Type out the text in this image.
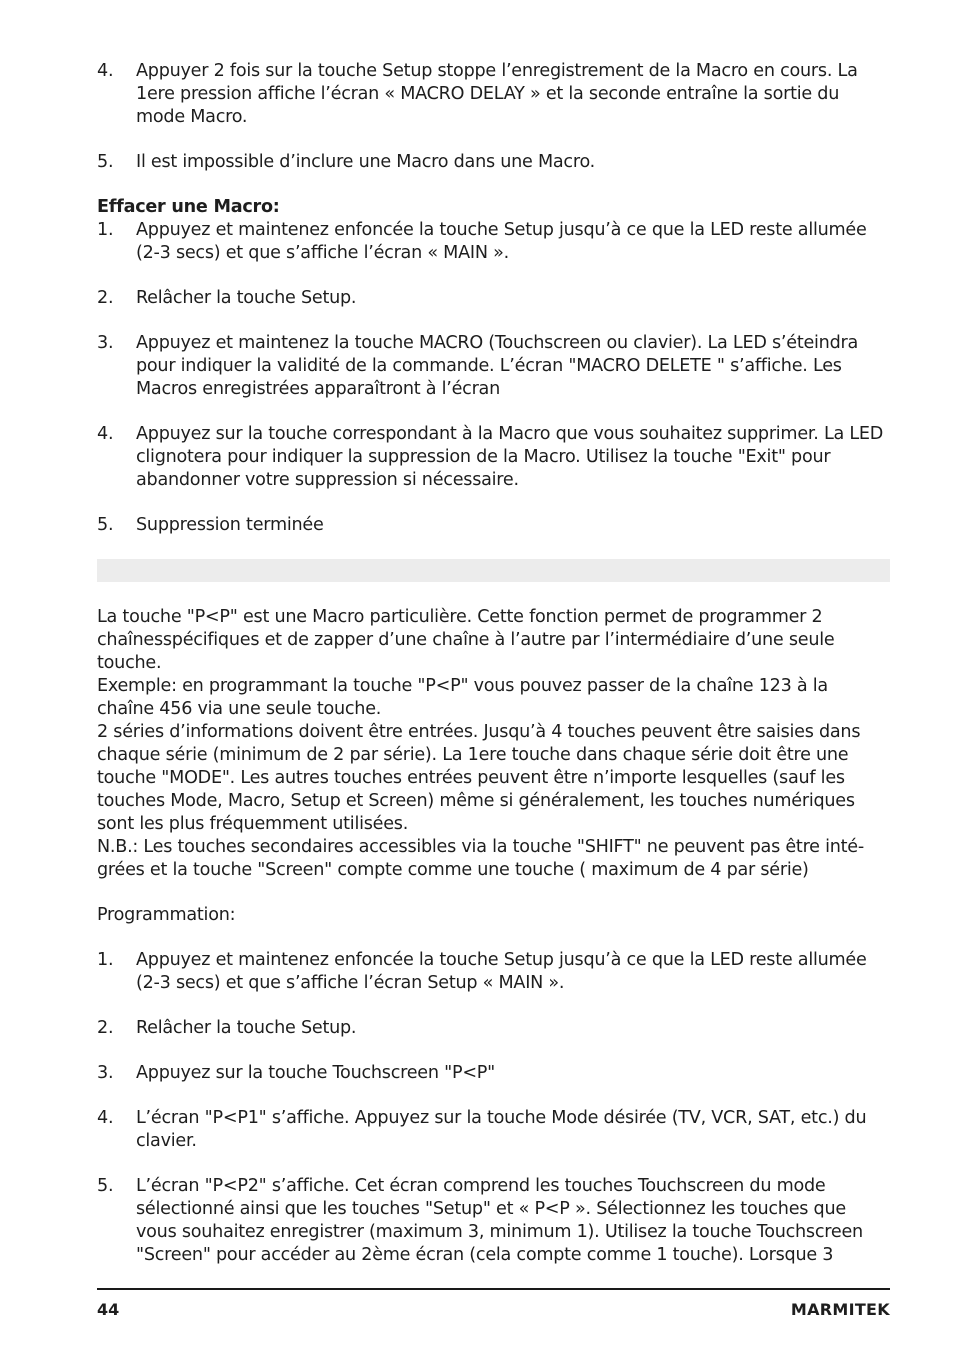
4.	Appuyer 2 fois sur la touche Setup stoppe l’enregistrement de la Macro en cours. La 1ere pression affiche l’écran « MACRO DELAY » et la seconde entraîne la sortie du mode Macro.
5.	Il est impossible d’inclure une Macro dans une Macro.

Effacer une Macro:

1.	Appuyez et maintenez enfoncée la touche Setup jusqu’à ce que la LED reste allumée (2-3 secs) et que s’affiche l’écran « MAIN ».
2.	Relâcher la touche Setup.
3.	Appuyez et maintenez la touche MACRO (Touchscreen ou clavier). La LED s’éteindra pour indiquer la validité de la commande. L’écran "MACRO DELETE " s’affiche. Les Macros enregistrées apparaîtront à l’écran
4.	Appuyez sur la touche correspondant à la Macro que vous souhaitez supprimer. La LED clignotera pour indiquer la suppression de la Macro. Utilisez la touche "Exit" pour abandonner votre suppression si nécessaire.
5.	Suppression terminée

La touche "P<P" est une Macro particulière. Cette fonction permet de programmer 2 chaînesspécifiques et de zapper d’une chaîne à l’autre par l’intermédiaire d’une seule touche.

Exemple: en programmant la touche "P<P" vous pouvez passer de la chaîne 123 à la chaîne 456 via une seule touche.

2 séries d’informations doivent être entrées. Jusqu’à 4 touches peuvent être saisies dans chaque série (minimum de 2 par série). La 1ere touche dans chaque série doit être une touche "MODE". Les autres touches entrées peuvent être n’importe lesquelles (sauf les touches Mode, Macro, Setup et Screen) même si généralement, les touches numériques sont les plus fréquemment utilisées.

N.B.: Les touches secondaires accessibles via la touche "SHIFT" ne peuvent pas être inté-grées et la touche "Screen" compte comme une touche ( maximum de 4 par série)

Programmation:

1.	Appuyez et maintenez enfoncée la touche Setup jusqu’à ce que la LED reste allumée (2-3 secs) et que s’affiche l’écran Setup « MAIN ».
2.	Relâcher la touche Setup.
3.	Appuyez sur la touche Touchscreen "P<P"
4.	L’écran "P<P1" s’affiche. Appuyez sur la touche Mode désirée (TV, VCR, SAT, etc.) du clavier.
5.	L’écran "P<P2" s’affiche. Cet écran comprend les touches Touchscreen du mode sélectionné ainsi que les touches "Setup" et « P<P ». Sélectionnez les touches que vous souhaitez enregistrer (maximum 3, minimum 1). Utilisez la touche Touchscreen "Screen" pour accéder au 2ème écran (cela compte comme 1 touche). Lorsque 3
44	MARMITEK
